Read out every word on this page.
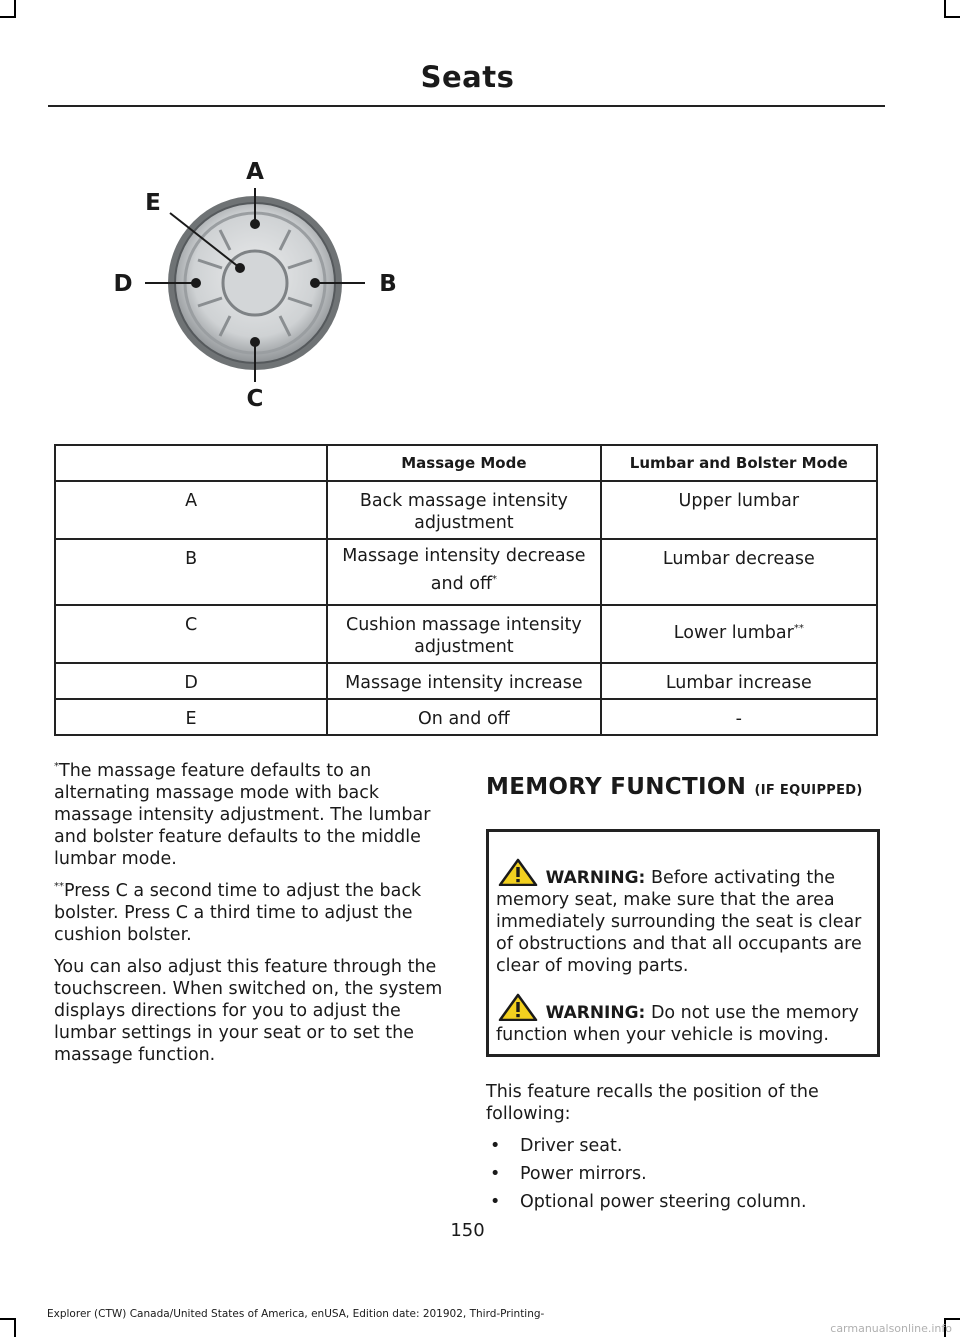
Seats
A
B
C
D
E
E248990
	Massage Mode	Lumbar and Bolster Mode
A	Back massage intensity adjustment	Upper lumbar
B	Massage intensity decrease and off*	Lumbar decrease
C	Cushion massage intensity adjustment	Lower lumbar**
D	Massage intensity increase	Lumbar increase
E	On and off	-

*The massage feature defaults to an alternating massage mode with back massage intensity adjustment. The lumbar and bolster feature defaults to the middle lumbar mode.

**Press C a second time to adjust the back bolster. Press C a third time to adjust the cushion bolster.

You can also adjust this feature through the touchscreen. When switched on, the system displays directions for you to adjust the lumbar settings in your seat or to set the massage function.

MEMORY FUNCTION (IF EQUIPPED)

WARNING: Before activating the memory seat, make sure that the area immediately surrounding the seat is clear of obstructions and that all occupants are clear of moving parts.

WARNING: Do not use the memory function when your vehicle is moving.

This feature recalls the position of the following:

• Driver seat.
• Power mirrors.
• Optional power steering column.
150
Explorer (CTW) Canada/United States of America, enUSA, Edition date: 201902, Third-Printing-
carmanualsonline.info
